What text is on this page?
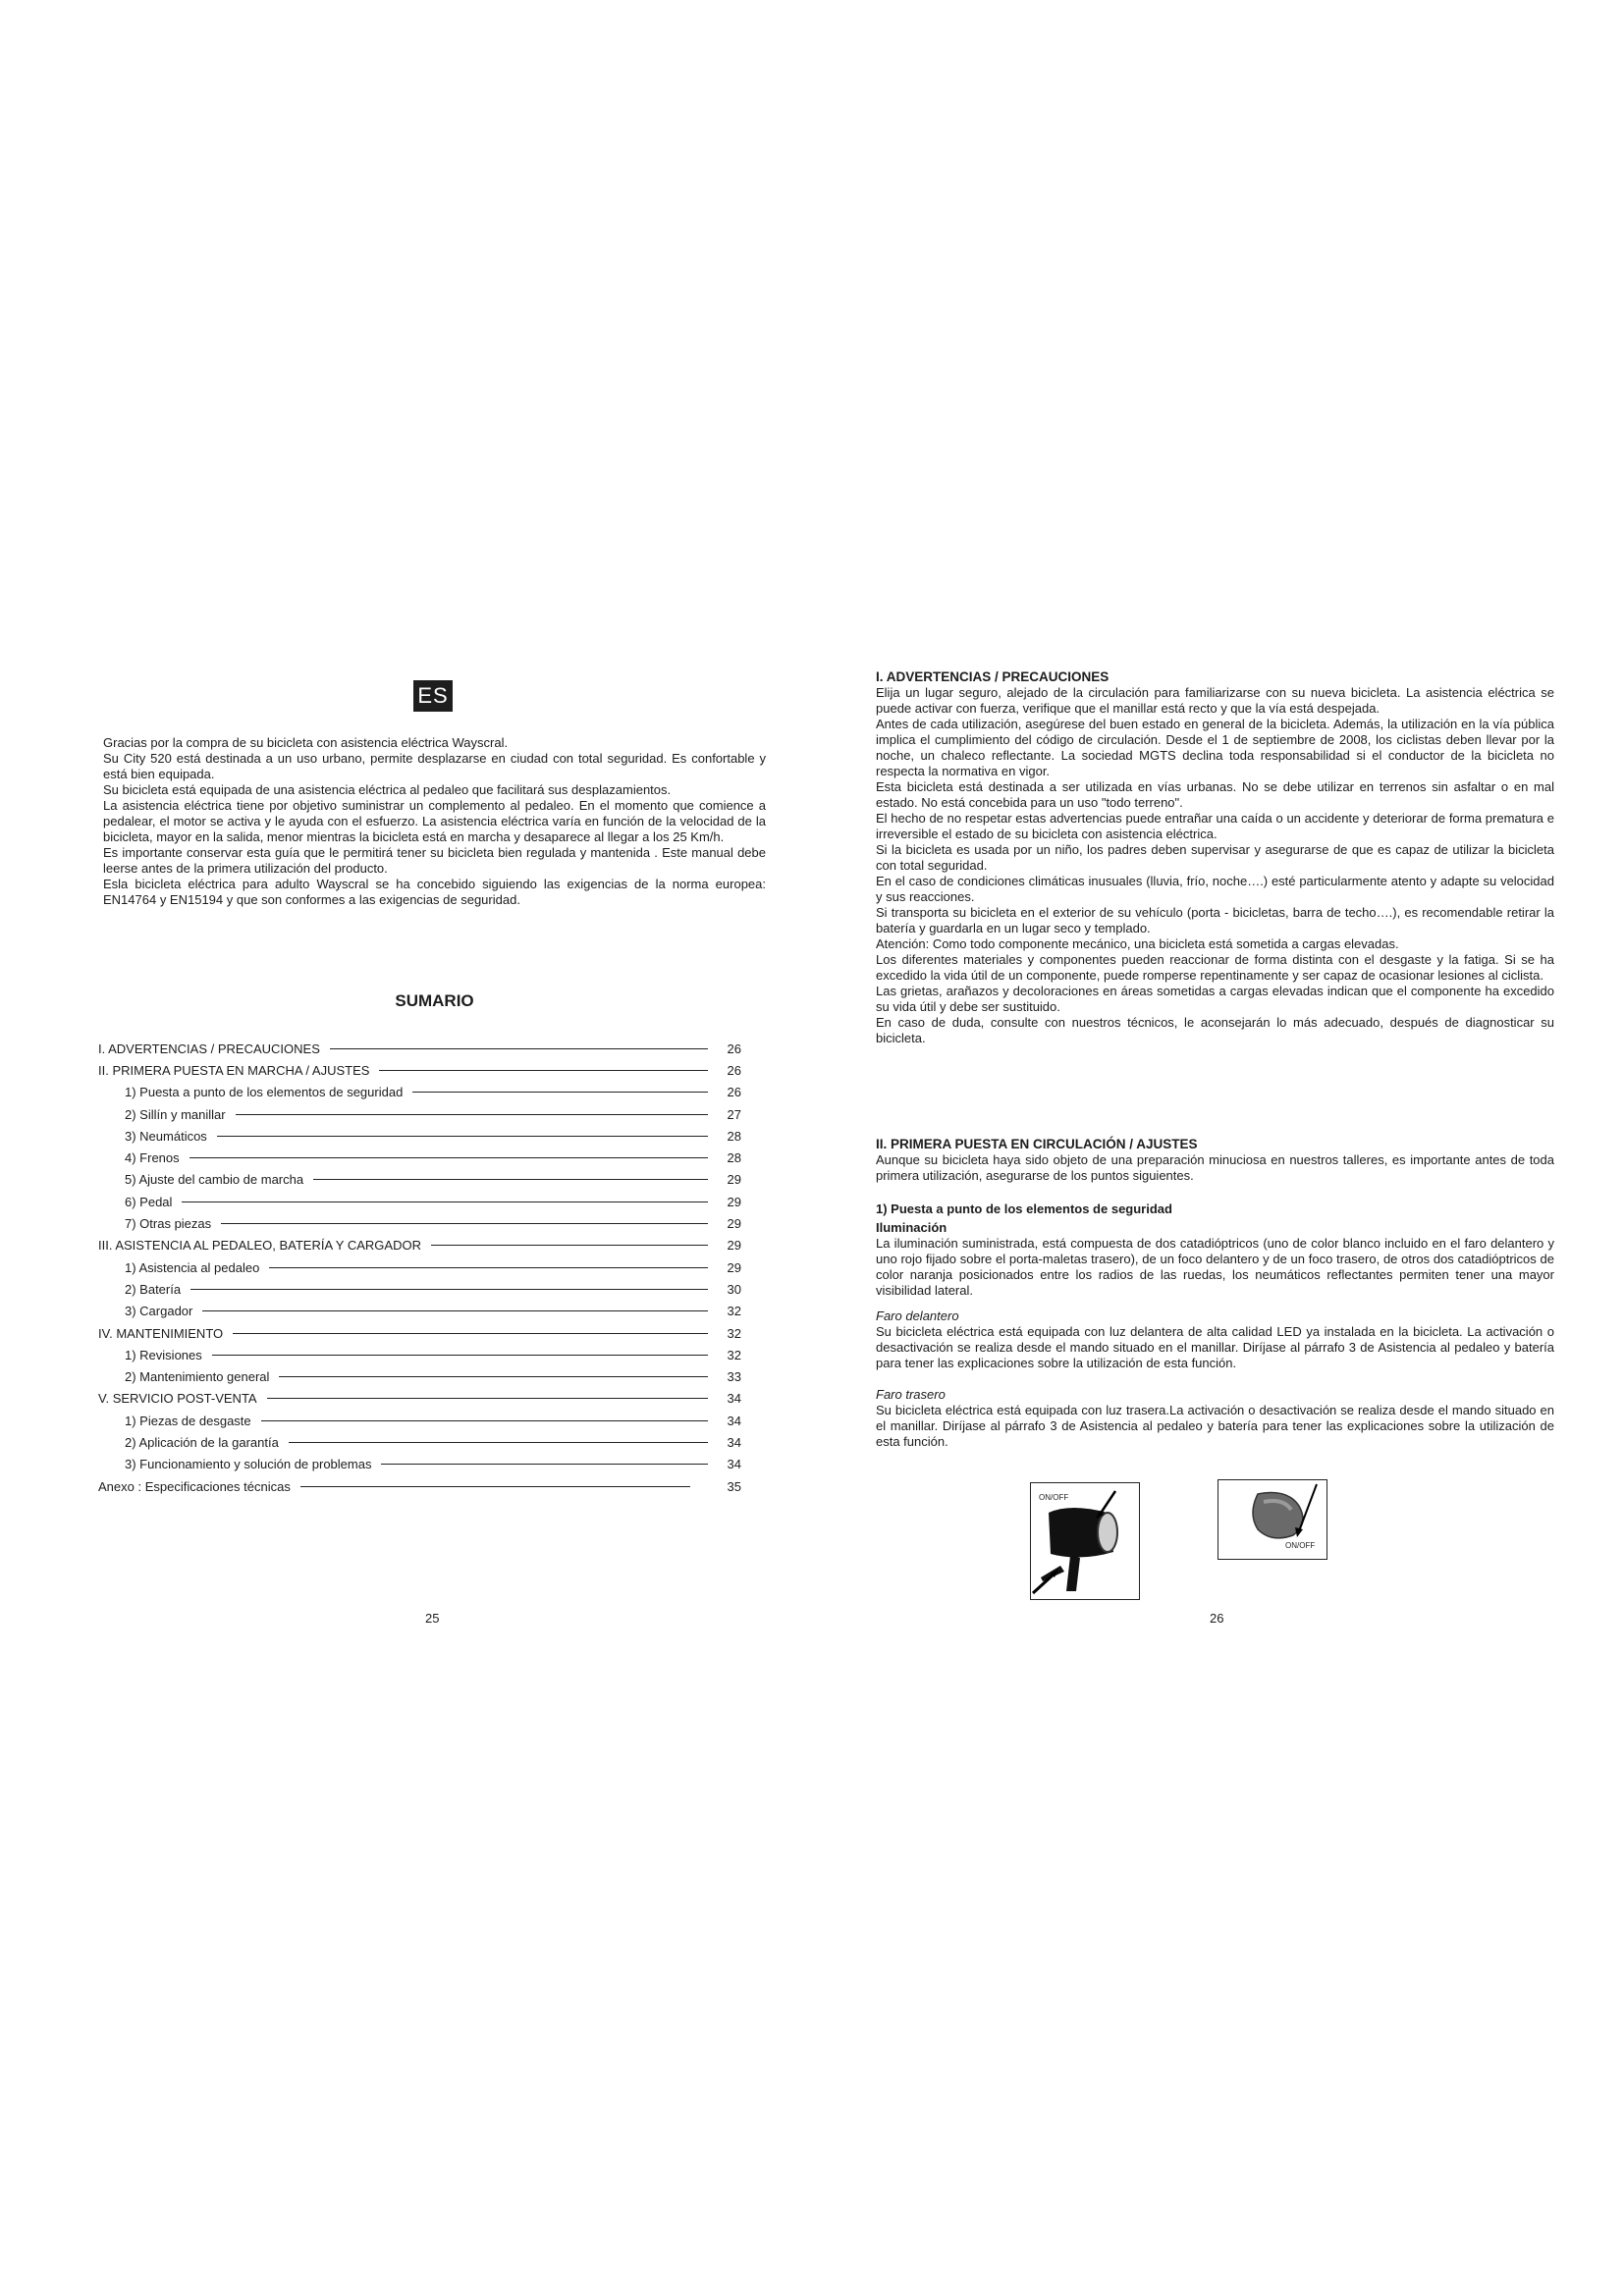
ES

Gracias por la compra de su bicicleta con asistencia eléctrica Wayscral.

Su City 520 está destinada a un uso urbano, permite desplazarse en ciudad con total seguridad. Es confortable y está bien equipada.

Su bicicleta está equipada de una asistencia eléctrica al pedaleo que facilitará sus desplazamientos.

La asistencia eléctrica tiene por objetivo suministrar un complemento al pedaleo. En el momento que comience a pedalear, el motor se activa y le ayuda con el esfuerzo. La asistencia eléctrica varía en función de la velocidad de la bicicleta, mayor en la salida, menor mientras la bicicleta está en marcha y desaparece al llegar a los 25 Km/h.

Es importante conservar esta guía que le permitirá tener su bicicleta bien regulada y mantenida . Este manual debe leerse antes de la primera utilización del producto.

Esla bicicleta eléctrica para adulto Wayscral se ha concebido siguiendo las exigencias de la norma europea: EN14764 y EN15194 y que son conformes a las exigencias de seguridad.

SUMARIO
I. ADVERTENCIAS / PRECAUCIONES	26
II. PRIMERA PUESTA EN MARCHA / AJUSTES	26
1) Puesta a punto de los elementos de seguridad	26
2) Sillín y manillar	27
3) Neumáticos	28
4) Frenos	28
5) Ajuste del cambio de marcha	29
6) Pedal	29
7) Otras piezas	29
III. ASISTENCIA AL PEDALEO, BATERÍA Y CARGADOR	29
1) Asistencia al pedaleo	29
2) Batería	30
3) Cargador	32
IV. MANTENIMIENTO	32
1) Revisiones	32
2) Mantenimiento general	33
V. SERVICIO POST-VENTA	34
1) Piezas de desgaste	34
2) Aplicación de la garantía	34
3) Funcionamiento y solución de problemas	34
Anexo : Especificaciones técnicas	35
25

I. ADVERTENCIAS / PRECAUCIONES

Elija un lugar seguro, alejado de la circulación para familiarizarse con su nueva bicicleta. La asistencia eléctrica se puede activar con fuerza, verifique que el manillar está recto y que la vía está despejada.

Antes de cada utilización, asegúrese del buen estado en general de la bicicleta. Además, la utilización en la vía pública implica el cumplimiento del código de circulación. Desde el 1 de septiembre de 2008, los ciclistas deben llevar por la noche, un chaleco reflectante. La sociedad MGTS declina toda responsabilidad si el conductor de la bicicleta no respecta la normativa en vigor.

Esta bicicleta está destinada a ser utilizada en vías urbanas. No se debe utilizar en terrenos sin asfaltar o en mal estado. No está concebida para un uso "todo terreno".

El hecho de no respetar estas advertencias puede entrañar una caída o un accidente y deteriorar de forma prematura e irreversible el estado de su bicicleta con asistencia eléctrica.

Si la bicicleta es usada por un niño, los padres deben supervisar y asegurarse de que es capaz de utilizar la bicicleta con total seguridad.

En el caso de condiciones climáticas inusuales (lluvia, frío, noche….) esté particularmente atento y adapte su velocidad y sus reacciones.

Si transporta su bicicleta en el exterior de su vehículo (porta - bicicletas, barra de techo….), es recomendable retirar la batería y guardarla en un lugar seco y templado.

Atención: Como todo componente mecánico, una bicicleta está sometida a cargas elevadas.

Los diferentes materiales y componentes pueden reaccionar de forma distinta con el desgaste y la fatiga. Si se ha excedido la vida útil de un componente, puede romperse repentinamente y ser capaz de ocasionar lesiones al ciclista.

Las grietas, arañazos y decoloraciones en áreas sometidas a cargas elevadas indican que el componente ha excedido su vida útil y debe ser sustituido.

En caso de duda, consulte con nuestros técnicos, le aconsejarán lo más adecuado, después de diagnosticar su bicicleta.

II. PRIMERA PUESTA EN CIRCULACIÓN / AJUSTES

Aunque su bicicleta haya sido objeto de una preparación minuciosa en nuestros talleres, es importante antes de toda primera utilización, asegurarse de los puntos siguientes.

1) Puesta a punto de los elementos de seguridad

Iluminación

La iluminación suministrada, está compuesta de dos catadióptricos (uno de color blanco incluido en el faro delantero y uno rojo fijado sobre el porta-maletas trasero), de un foco delantero y de un foco trasero, de otros dos catadióptricos de color naranja posicionados entre los radios de las ruedas, los neumáticos reflectantes permiten tener una mayor visibilidad lateral.

Faro delantero

Su bicicleta eléctrica está equipada con luz delantera de alta calidad LED ya instalada en la bicicleta. La activación o desactivación se realiza desde el mando situado en el manillar. Diríjase al párrafo 3 de Asistencia al pedaleo y batería para tener las explicaciones sobre la utilización de esta función.

Faro trasero

Su bicicleta eléctrica está equipada con luz trasera.La activación o desactivación se realiza desde el mando situado en el manillar. Diríjase al párrafo 3 de Asistencia al pedaleo y batería para tener las explicaciones sobre la utilización de esta función.

ON/OFF
ON/OFF
26
